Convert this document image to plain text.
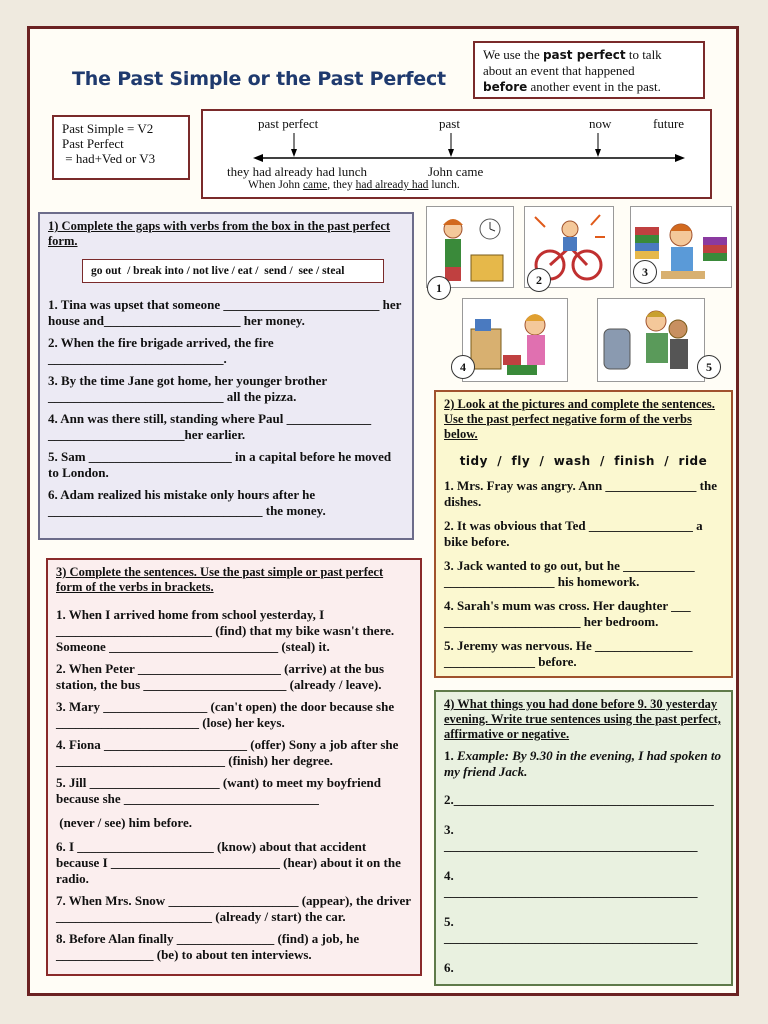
The Past Simple or the Past Perfect
We use the past perfect to talk
about an event that happened
before another event in the past.
Past Simple = V2
Past Perfect
= had+Ved or V3
past perfect	past	now	future
they had already had lunch	John came
When John came, they had already had lunch.
1) Complete the gaps with verbs from the box in the past perfect form.
go out  / break into / not live / eat /  send /  see / steal
1. Tina was upset that someone ________________________ her house and_____________________ her money.
2. When the fire brigade arrived, the fire ___________________________.
3. By the time Jane got home, her younger brother ___________________________ all the pizza.
4. Ann was there still, standing where Paul _____________ _____________________her earlier.
5. Sam ______________________ in a capital before he moved to London.
6. Adam realized his mistake only hours after he _________________________________ the money.
1
2
3
4	5
2) Look at the pictures and complete the sentences. Use the past perfect negative form of the verbs below.
tidy  /  fly  /  wash  /  finish  /  ride
1. Mrs. Fray was angry. Ann ______________ the dishes.
2. It was obvious that Ted ________________ a bike before.
3. Jack wanted to go out, but he ___________ _________________ his homework.
4. Sarah's mum was cross. Her daughter ___ _____________________ her bedroom.
5. Jeremy was nervous. He _______________ ______________ before.
3) Complete the sentences. Use the past simple or past perfect form of the verbs in brackets.
1. When I arrived home from school yesterday, I ________________________ (find) that my bike wasn't there. Someone __________________________ (steal) it.
2. When Peter ______________________ (arrive) at the bus station, the bus ______________________ (already / leave).
3. Mary ________________ (can't open) the door because she ______________________ (lose) her keys.
4. Fiona ______________________ (offer) Sony a job after she __________________________ (finish) her degree.
5. Jill ____________________ (want) to meet my boyfriend because she ______________________________
(never / see) him before.
6. I _____________________ (know) about that accident because I __________________________ (hear) about it on the radio.
7. When Mrs. Snow ____________________ (appear), the driver ________________________ (already / start) the car.
8. Before Alan finally _______________ (find) a job, he _______________ (be) to about ten interviews.
4) What things you had done before 9. 30 yesterday evening. Write true sentences using the past perfect, affirmative or negative.
1. Example: By 9.30 in the evening, I had spoken to my friend Jack.
2.________________________________________
3.
_______________________________________
4.
_______________________________________
5.
_______________________________________
6.
